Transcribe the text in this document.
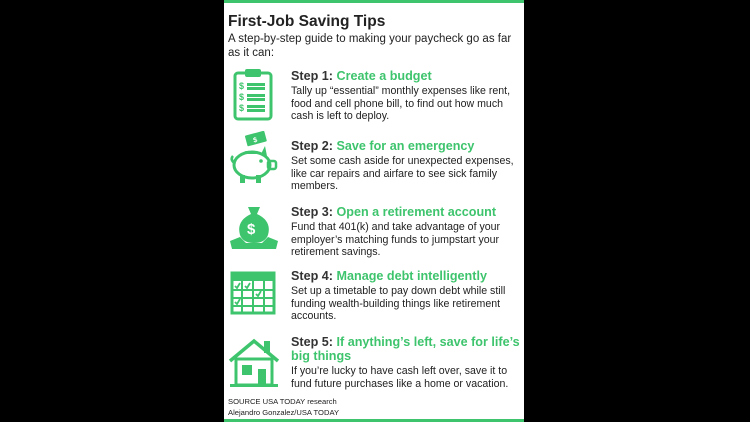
First-Job Saving Tips
A step-by-step guide to making your paycheck go as far as it can:
$
$
$
Step 1: Create a budget
Tally up “essential” monthly expenses like rent, food and cell phone bill, to find out how much cash is left to deploy.
$	Step 2: Save for an emergency
Set some cash aside for unexpected expenses, like car repairs and airfare to see sick family members.
$
Step 3: Open a retirement account
Fund that 401(k) and take advantage of your employer’s matching funds to jumpstart your retirement savings.
Step 4: Manage debt intelligently
Set up a timetable to pay down debt while still funding wealth-building things like retirement accounts.
Step 5: If anything’s left, save for life’s big things
If you’re lucky to have cash left over, save it to fund future purchases like a home or vacation.
SOURCE USA TODAY research
Alejandro Gonzalez/USA TODAY
